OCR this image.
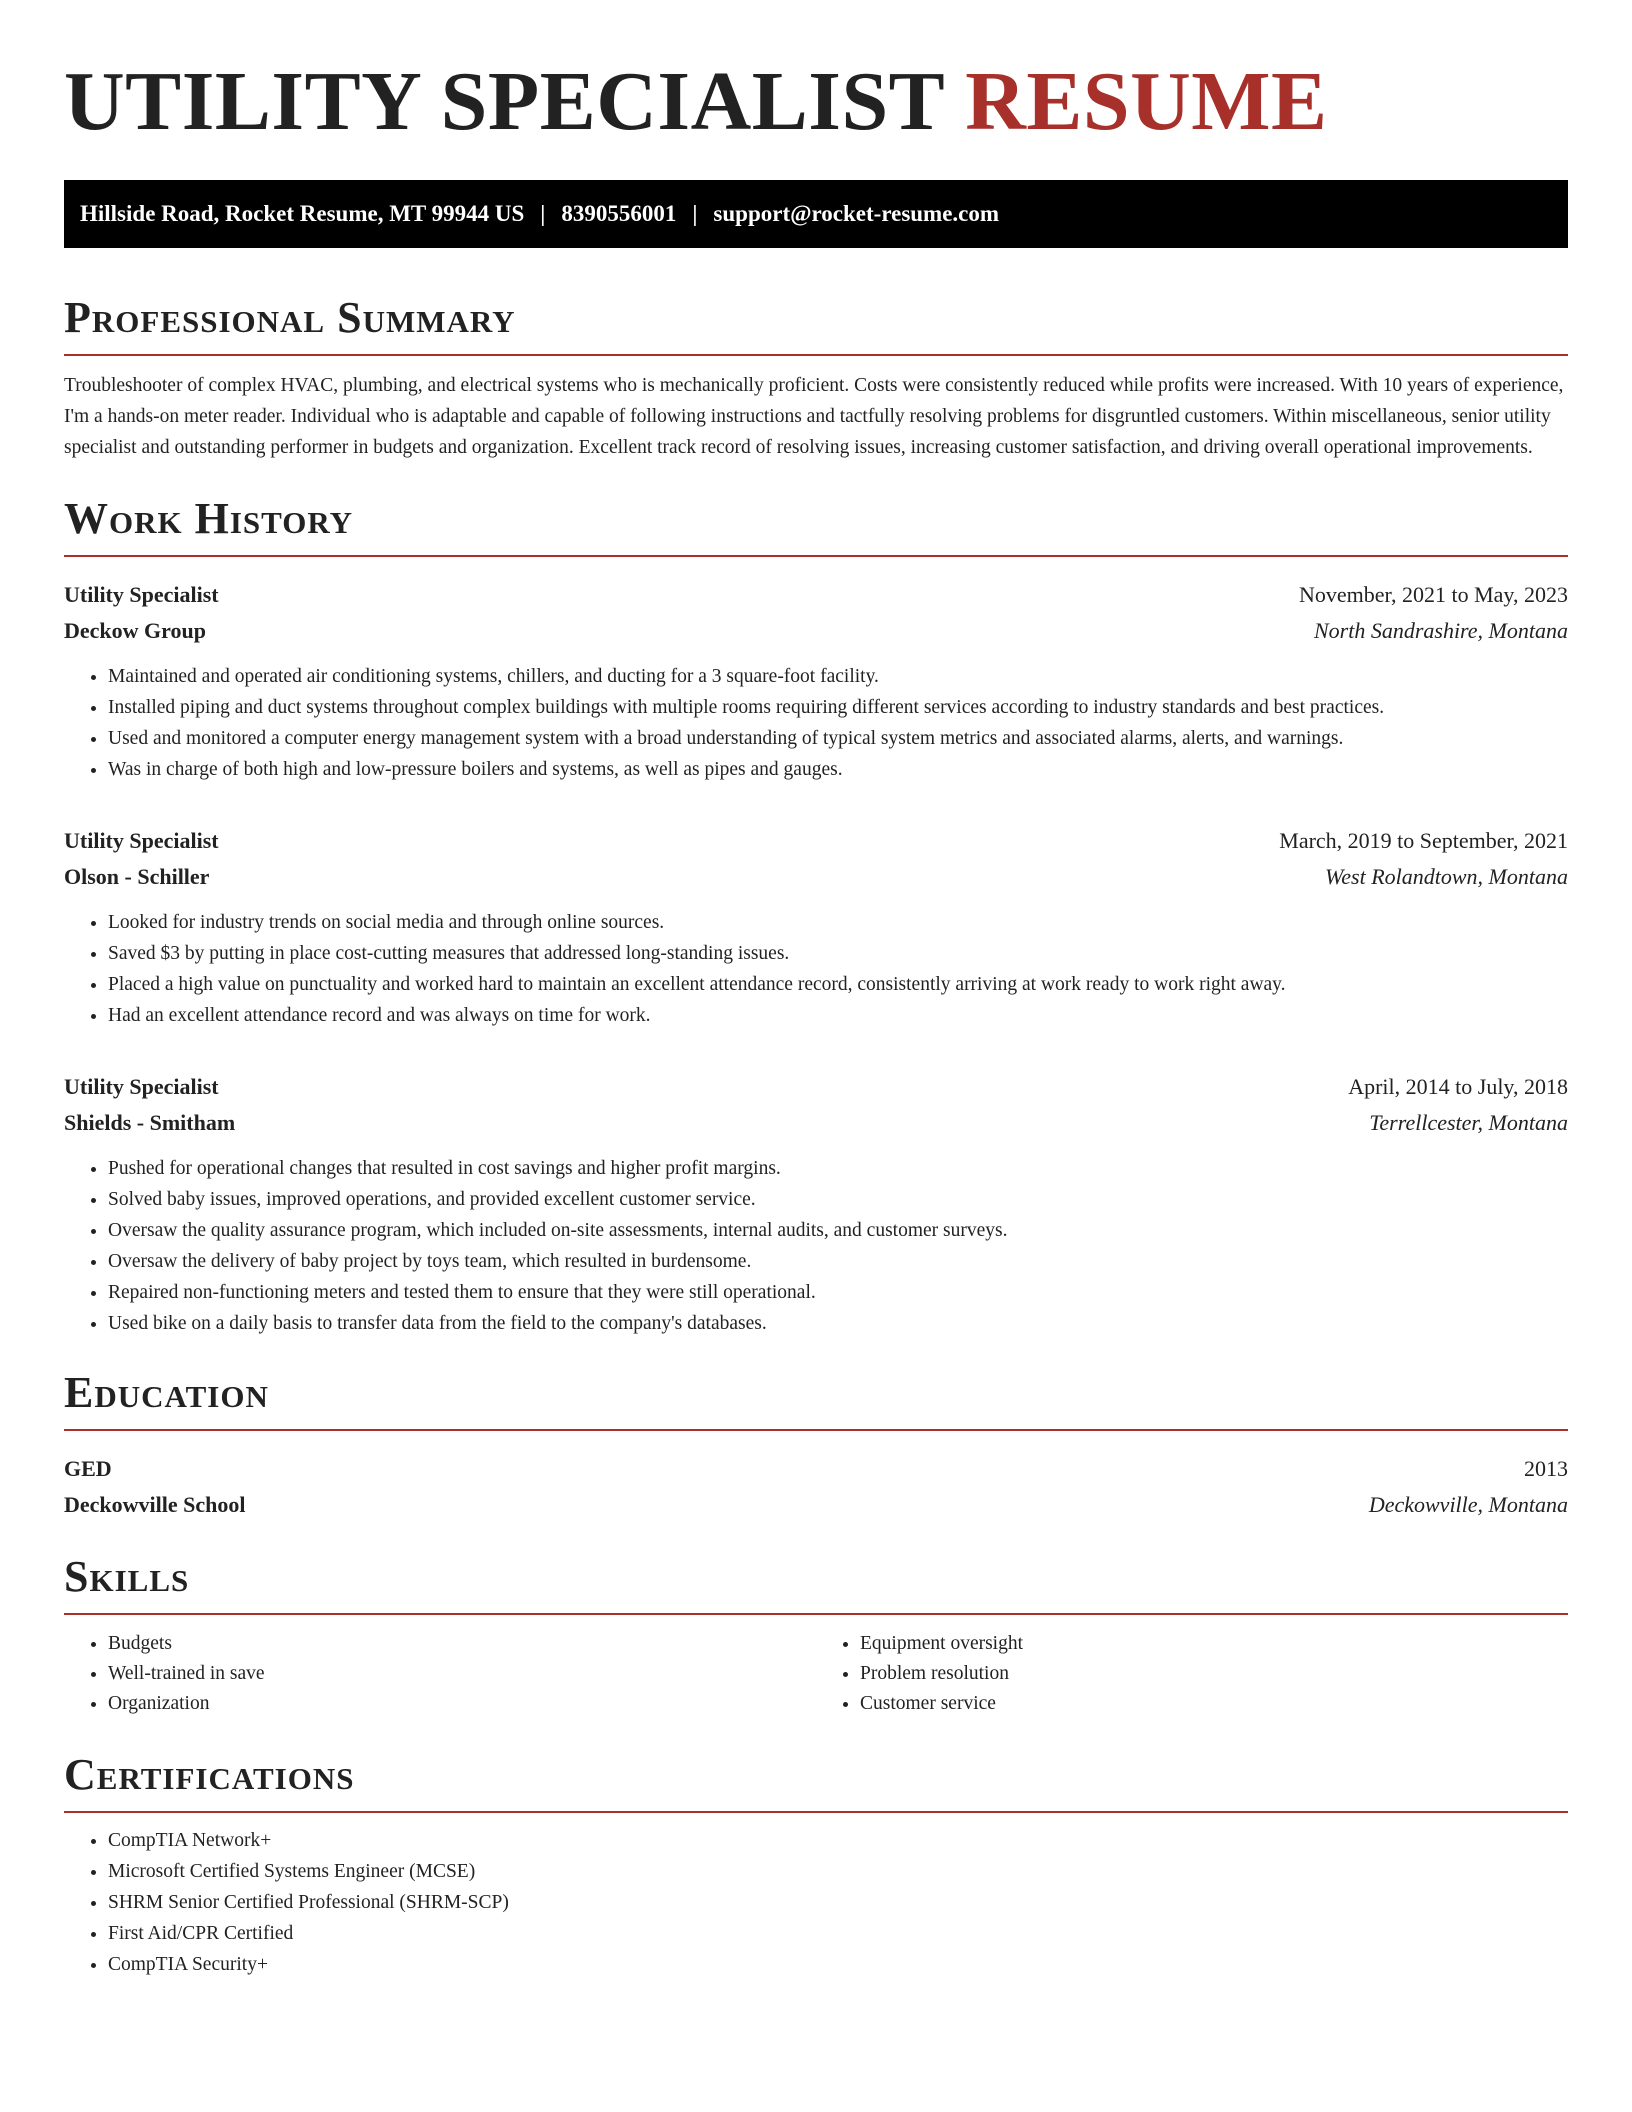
UTILITY SPECIALIST RESUME
Hillside Road, Rocket Resume, MT 99944 US | 8390556001 | support@rocket-resume.com
Professional Summary

Troubleshooter of complex HVAC, plumbing, and electrical systems who is mechanically proficient. Costs were consistently reduced while profits were increased. With 10 years of experience, I'm a hands-on meter reader. Individual who is adaptable and capable of following instructions and tactfully resolving problems for disgruntled customers. Within miscellaneous, senior utility specialist and outstanding performer in budgets and organization. Excellent track record of resolving issues, increasing customer satisfaction, and driving overall operational improvements.

Work History
Utility Specialist	November, 2021 to May, 2023
Deckow Group	North Sandrashire, Montana
• Maintained and operated air conditioning systems, chillers, and ducting for a 3 square-foot facility.
• Installed piping and duct systems throughout complex buildings with multiple rooms requiring different services according to industry standards and best practices.
• Used and monitored a computer energy management system with a broad understanding of typical system metrics and associated alarms, alerts, and warnings.
• Was in charge of both high and low-pressure boilers and systems, as well as pipes and gauges.
Utility Specialist	March, 2019 to September, 2021
Olson - Schiller	West Rolandtown, Montana
• Looked for industry trends on social media and through online sources.
• Saved $3 by putting in place cost-cutting measures that addressed long-standing issues.
• Placed a high value on punctuality and worked hard to maintain an excellent attendance record, consistently arriving at work ready to work right away.
• Had an excellent attendance record and was always on time for work.
Utility Specialist	April, 2014 to July, 2018
Shields - Smitham	Terrellcester, Montana
• Pushed for operational changes that resulted in cost savings and higher profit margins.
• Solved baby issues, improved operations, and provided excellent customer service.
• Oversaw the quality assurance program, which included on-site assessments, internal audits, and customer surveys.
• Oversaw the delivery of baby project by toys team, which resulted in burdensome.
• Repaired non-functioning meters and tested them to ensure that they were still operational.
• Used bike on a daily basis to transfer data from the field to the company's databases.
Education
GED	2013
Deckowville School	Deckowville, Montana
Skills
• Budgets
• Well-trained in save
• Organization
• Equipment oversight
• Problem resolution
• Customer service
Certifications
• CompTIA Network+
• Microsoft Certified Systems Engineer (MCSE)
• SHRM Senior Certified Professional (SHRM-SCP)
• First Aid/CPR Certified
• CompTIA Security+
